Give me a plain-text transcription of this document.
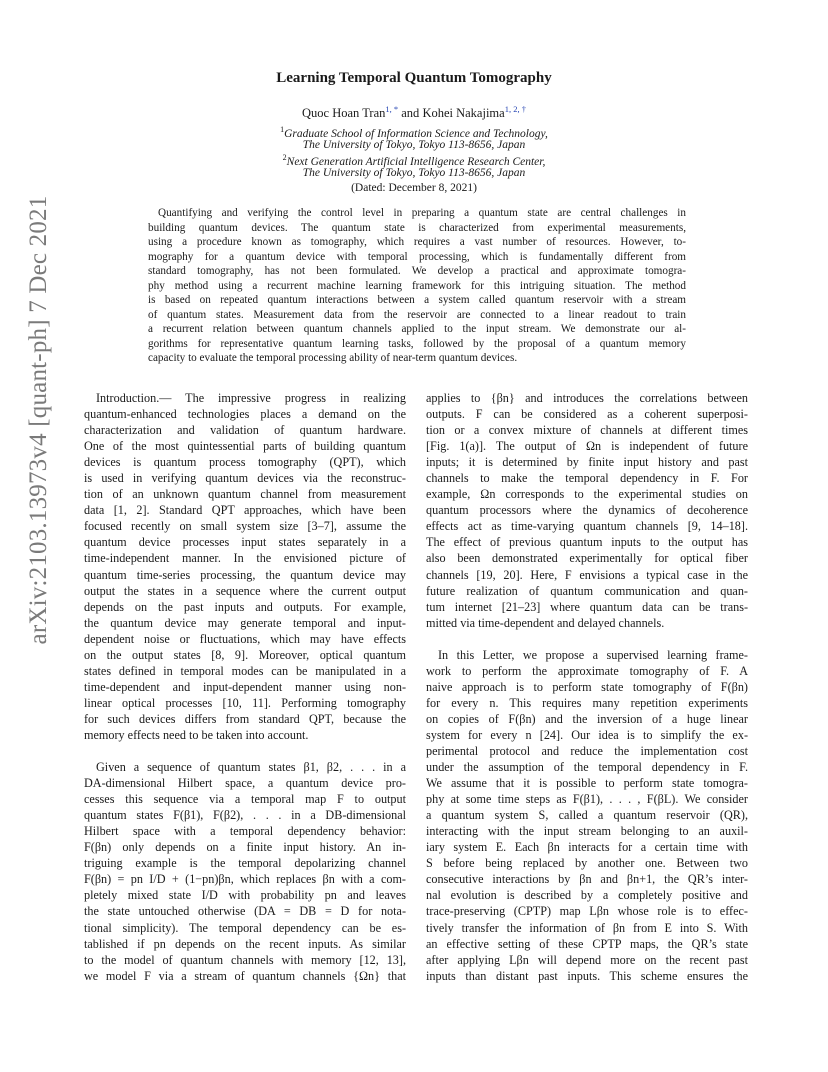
arXiv:2103.13973v4 [quant-ph] 7 Dec 2021
Learning Temporal Quantum Tomography
Quoc Hoan Tran$^{1, *}$ and Kohei Nakajima$^{1, 2, \dagger}$
$^1$Graduate School of Information Science and Technology,
The University of Tokyo, Tokyo 113-8656, Japan
$^2$Next Generation Artificial Intelligence Research Center,
The University of Tokyo, Tokyo 113-8656, Japan
(Dated: December 8, 2021)
Quantifying and verifying the control level in preparing a quantum state are central challenges in
building quantum devices. The quantum state is characterized from experimental measurements,
using a procedure known as tomography, which requires a vast number of resources. However, to-
mography for a quantum device with temporal processing, which is fundamentally different from
standard tomography, has not been formulated. We develop a practical and approximate tomogra-
phy method using a recurrent machine learning framework for this intriguing situation. The method
is based on repeated quantum interactions between a system called quantum reservoir with a stream
of quantum states. Measurement data from the reservoir are connected to a linear readout to train
a recurrent relation between quantum channels applied to the input stream. We demonstrate our al-
gorithms for representative quantum learning tasks, followed by the proposal of a quantum memory
capacity to evaluate the temporal processing ability of near-term quantum devices.
Introduction.— The impressive progress in realizing
quantum-enhanced technologies places a demand on the
characterization and validation of quantum hardware.
One of the most quintessential parts of building quantum
devices is quantum process tomography (QPT), which
is used in verifying quantum devices via the reconstruc-
tion of an unknown quantum channel from measurement
data [1, 2]. Standard QPT approaches, which have been
focused recently on small system size [3–7], assume the
quantum device processes input states separately in a
time-independent manner. In the envisioned picture of
quantum time-series processing, the quantum device may
output the states in a sequence where the current output
depends on the past inputs and outputs. For example,
the quantum device may generate temporal and input-
dependent noise or fluctuations, which may have effects
on the output states [8, 9]. Moreover, optical quantum
states defined in temporal modes can be manipulated in a
time-dependent and input-dependent manner using non-
linear optical processes [10, 11]. Performing tomography
for such devices differs from standard QPT, because the
memory effects need to be taken into account.
Given a sequence of quantum states β1, β2, . . . in a
DA-dimensional Hilbert space, a quantum device pro-
cesses this sequence via a temporal map F to output
quantum states F(β1), F(β2), . . . in a DB-dimensional
Hilbert space with a temporal dependency behavior:
F(βn) only depends on a finite input history. An in-
triguing example is the temporal depolarizing channel
F(βn) = pn I/D + (1−pn)βn, which replaces βn with a com-
pletely mixed state I/D with probability pn and leaves
the state untouched otherwise (DA = DB = D for nota-
tional simplicity). The temporal dependency can be es-
tablished if pn depends on the recent inputs. As similar
to the model of quantum channels with memory [12, 13],
we model F via a stream of quantum channels {Ωn} that
applies to {βn} and introduces the correlations between
outputs. F can be considered as a coherent superposi-
tion or a convex mixture of channels at different times
[Fig. 1(a)]. The output of Ωn is independent of future
inputs; it is determined by finite input history and past
channels to make the temporal dependency in F. For
example, Ωn corresponds to the experimental studies on
quantum processors where the dynamics of decoherence
effects act as time-varying quantum channels [9, 14–18].
The effect of previous quantum inputs to the output has
also been demonstrated experimentally for optical fiber
channels [19, 20]. Here, F envisions a typical case in the
future realization of quantum communication and quan-
tum internet [21–23] where quantum data can be trans-
mitted via time-dependent and delayed channels.
In this Letter, we propose a supervised learning frame-
work to perform the approximate tomography of F. A
naive approach is to perform state tomography of F(βn)
for every n. This requires many repetition experiments
on copies of F(βn) and the inversion of a huge linear
system for every n [24]. Our idea is to simplify the ex-
perimental protocol and reduce the implementation cost
under the assumption of the temporal dependency in F.
We assume that it is possible to perform state tomogra-
phy at some time steps as F(β1), . . . , F(βL). We consider
a quantum system S, called a quantum reservoir (QR),
interacting with the input stream belonging to an auxil-
iary system E. Each βn interacts for a certain time with
S before being replaced by another one. Between two
consecutive interactions by βn and βn+1, the QR’s inter-
nal evolution is described by a completely positive and
trace-preserving (CPTP) map Lβn whose role is to effec-
tively transfer the information of βn from E into S. With
an effective setting of these CPTP maps, the QR’s state
after applying Lβn will depend more on the recent past
inputs than distant past inputs. This scheme ensures the
